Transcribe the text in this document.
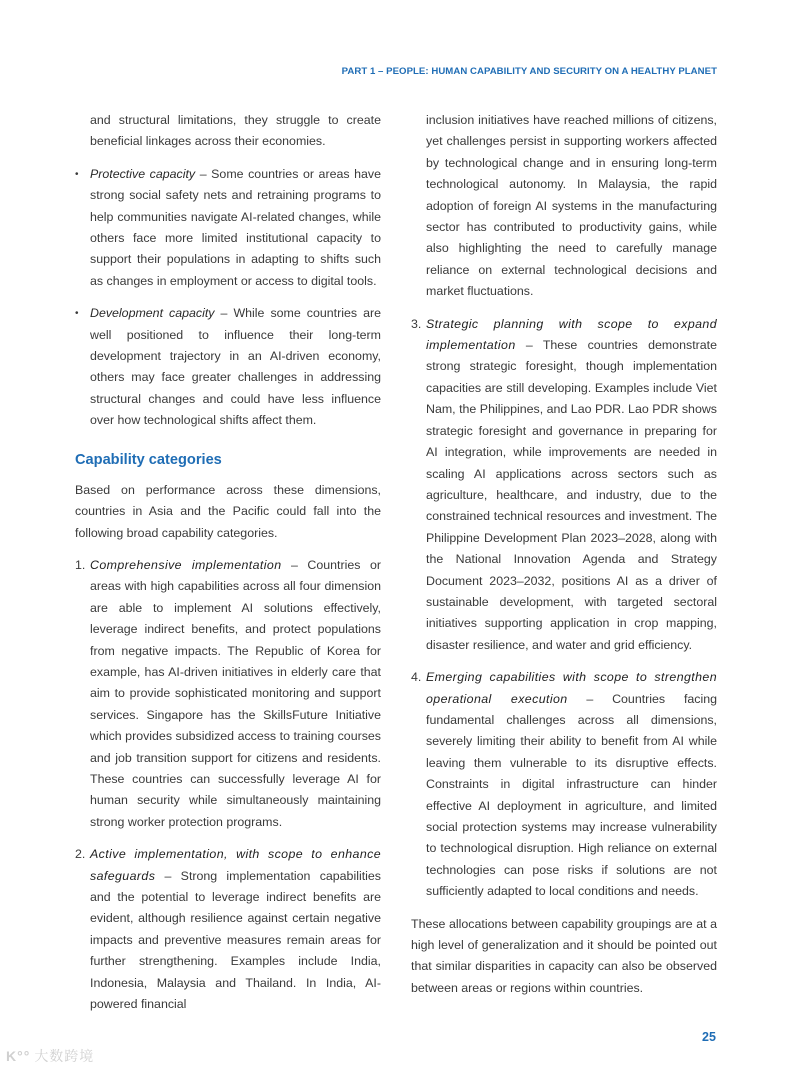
PART 1 – PEOPLE: HUMAN CAPABILITY AND SECURITY ON A HEALTHY PLANET

and structural limitations, they struggle to create beneficial linkages across their economies.

• Protective capacity – Some countries or areas have strong social safety nets and retraining programs to help communities navigate AI-related changes, while others face more limited institutional capacity to support their populations in adapting to shifts such as changes in employment or access to digital tools.
• Development capacity – While some countries are well positioned to influence their long-term development trajectory in an AI-driven economy, others may face greater challenges in addressing structural changes and could have less influence over how technological shifts affect them.
Capability categories

Based on performance across these dimensions, countries in Asia and the Pacific could fall into the following broad capability categories.

1. Comprehensive implementation – Countries or areas with high capabilities across all four dimension are able to implement AI solutions effectively, leverage indirect benefits, and protect populations from negative impacts. The Republic of Korea for example, has AI-driven initiatives in elderly care that aim to provide sophisticated monitoring and support services. Singapore has the SkillsFuture Initiative which provides subsidized access to training courses and job transition support for citizens and residents. These countries can successfully leverage AI for human security while simultaneously maintaining strong worker protection programs.
2. Active implementation, with scope to enhance safeguards – Strong implementation capabilities and the potential to leverage indirect benefits are evident, although resilience against certain negative impacts and preventive measures remain areas for further strengthening. Examples include India, Indonesia, Malaysia and Thailand. In India, AI-powered financial

inclusion initiatives have reached millions of citizens, yet challenges persist in supporting workers affected by technological change and in ensuring long-term technological autonomy. In Malaysia, the rapid adoption of foreign AI systems in the manufacturing sector has contributed to productivity gains, while also highlighting the need to carefully manage reliance on external technological decisions and market fluctuations.

3. Strategic planning with scope to expand implementation – These countries demonstrate strong strategic foresight, though implementation capacities are still developing. Examples include Viet Nam, the Philippines, and Lao PDR. Lao PDR shows strategic foresight and governance in preparing for AI integration, while improvements are needed in scaling AI applications across sectors such as agriculture, healthcare, and industry, due to the constrained technical resources and investment. The Philippine Development Plan 2023–2028, along with the National Innovation Agenda and Strategy Document 2023–2032, positions AI as a driver of sustainable development, with targeted sectoral initiatives supporting application in crop mapping, disaster resilience, and water and grid efficiency.
4. Emerging capabilities with scope to strengthen operational execution – Countries facing fundamental challenges across all dimensions, severely limiting their ability to benefit from AI while leaving them vulnerable to its disruptive effects. Constraints in digital infrastructure can hinder effective AI deployment in agriculture, and limited social protection systems may increase vulnerability to technological disruption. High reliance on external technologies can pose risks if solutions are not sufficiently adapted to local conditions and needs.

These allocations between capability groupings are at a high level of generalization and it should be pointed out that similar disparities in capacity can also be observed between areas or regions within countries.

25
K°° 大数跨境
